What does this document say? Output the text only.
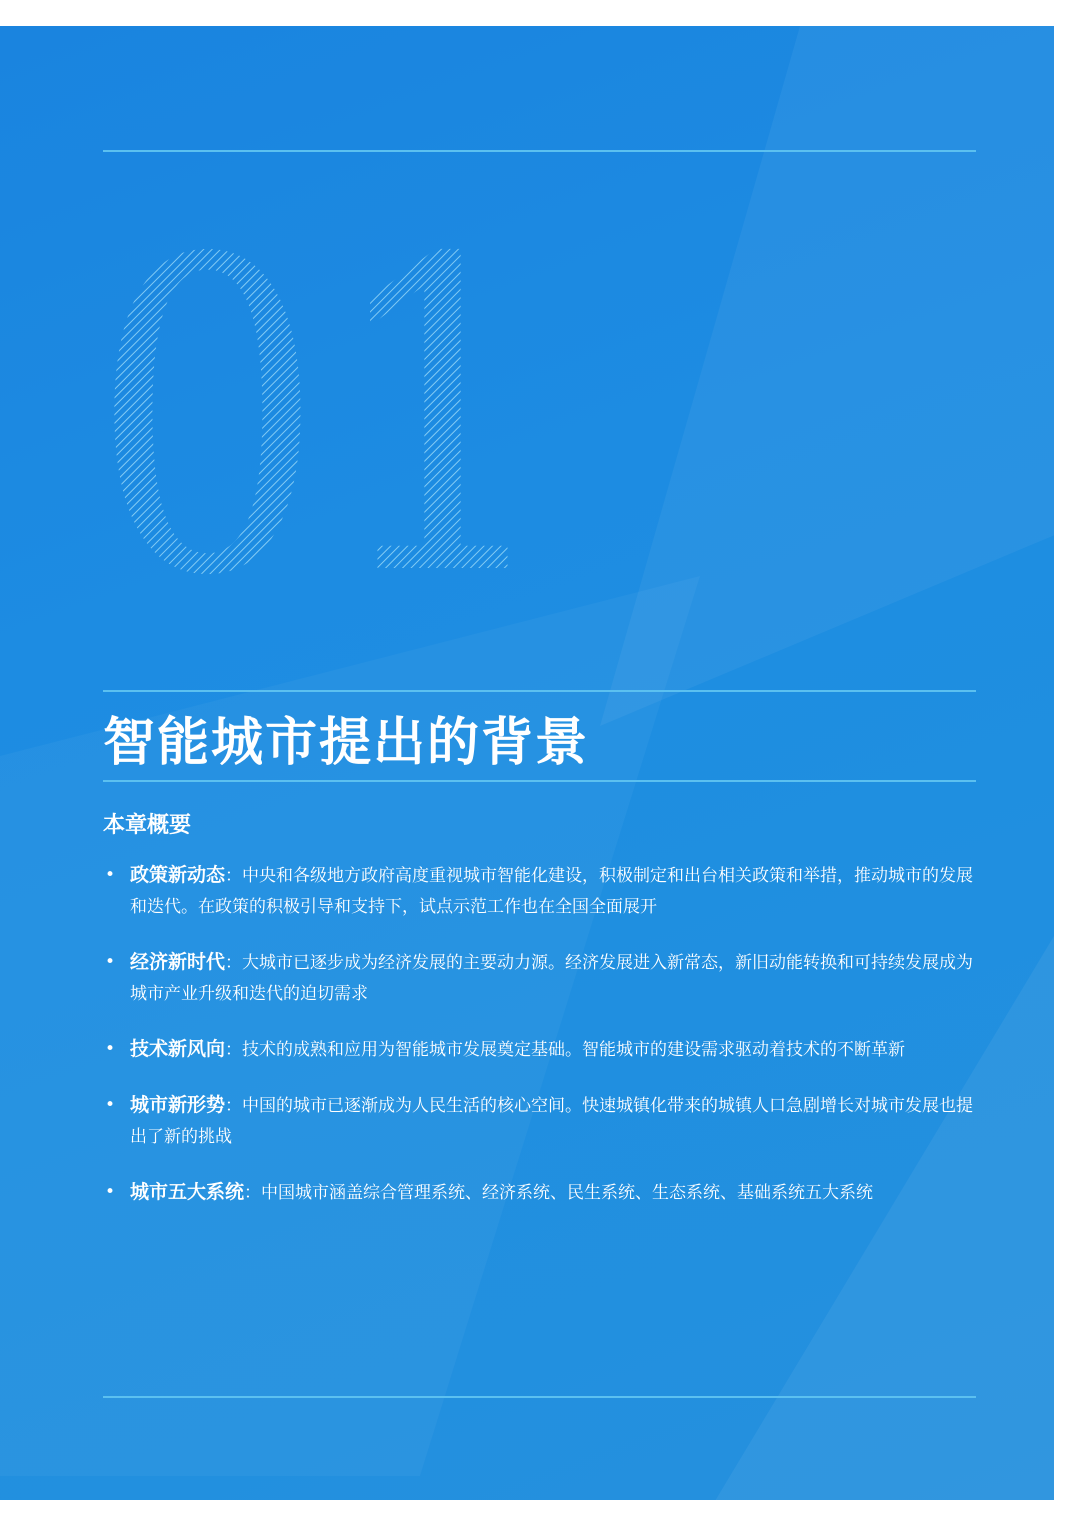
01
智能城市提出的背景
本章概要
• 政策新动态：中央和各级地方政府高度重视城市智能化建设，积极制定和出台相关政策和举措，推动城市的发展和迭代。在政策的积极引导和支持下，试点示范工作也在全国全面展开
• 经济新时代：大城市已逐步成为经济发展的主要动力源。经济发展进入新常态，新旧动能转换和可持续发展成为城市产业升级和迭代的迫切需求
• 技术新风向：技术的成熟和应用为智能城市发展奠定基础。智能城市的建设需求驱动着技术的不断革新
• 城市新形势：中国的城市已逐渐成为人民生活的核心空间。快速城镇化带来的城镇人口急剧增长对城市发展也提出了新的挑战
• 城市五大系统：中国城市涵盖综合管理系统、经济系统、民生系统、生态系统、基础系统五大系统
